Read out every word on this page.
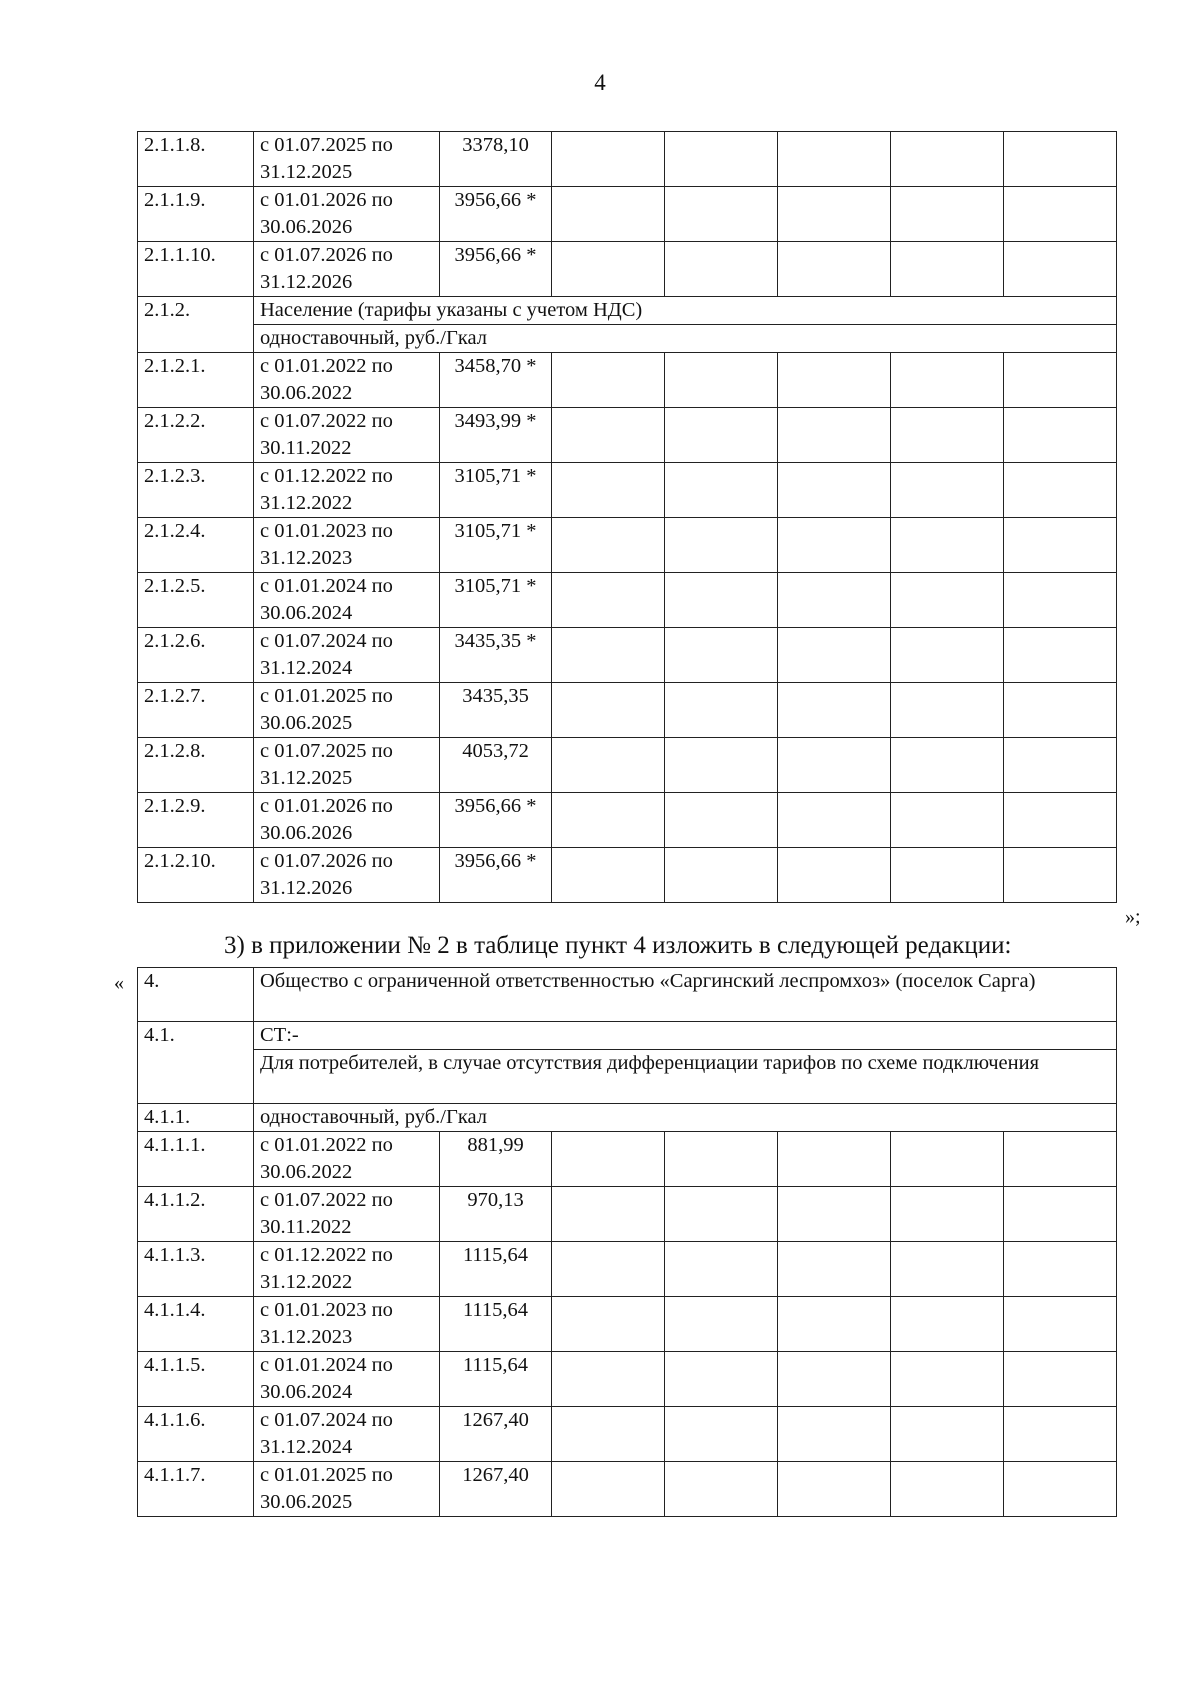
4
2.1.1.8.	с 01.07.2025 по 31.12.2025	3378,10					
2.1.1.9.	с 01.01.2026 по 30.06.2026	3956,66 *					
2.1.1.10.	с 01.07.2026 по 31.12.2026	3956,66 *					
2.1.2.	Население (тарифы указаны с учетом НДС)						
	одноставочный, руб./Гкал						
2.1.2.1.	с 01.01.2022 по 30.06.2022	3458,70 *					
2.1.2.2.	с 01.07.2022 по 30.11.2022	3493,99 *					
2.1.2.3.	с 01.12.2022 по 31.12.2022	3105,71 *					
2.1.2.4.	с 01.01.2023 по 31.12.2023	3105,71 *					
2.1.2.5.	с 01.01.2024 по 30.06.2024	3105,71 *					
2.1.2.6.	с 01.07.2024 по 31.12.2024	3435,35 *					
2.1.2.7.	с 01.01.2025 по 30.06.2025	3435,35					
2.1.2.8.	с 01.07.2025 по 31.12.2025	4053,72					
2.1.2.9.	с 01.01.2026 по 30.06.2026	3956,66 *					
2.1.2.10.	с 01.07.2026 по 31.12.2026	3956,66 *					
»;
3) в приложении № 2 в таблице пункт 4 изложить в следующей редакции:
« 4.	Общество с ограниченной ответственностью «Саргинский леспромхоз» (поселок Сарга)						
4.1.	СТ:-						
	Для потребителей, в случае отсутствия дифференциации тарифов по схеме подключения						
4.1.1.	одноставочный, руб./Гкал						
4.1.1.1.	с 01.01.2022 по 30.06.2022	881,99					
4.1.1.2.	с 01.07.2022 по 30.11.2022	970,13					
4.1.1.3.	с 01.12.2022 по 31.12.2022	1115,64					
4.1.1.4.	с 01.01.2023 по 31.12.2023	1115,64					
4.1.1.5.	с 01.01.2024 по 30.06.2024	1115,64					
4.1.1.6.	с 01.07.2024 по 31.12.2024	1267,40					
4.1.1.7.	с 01.01.2025 по 30.06.2025	1267,40					
